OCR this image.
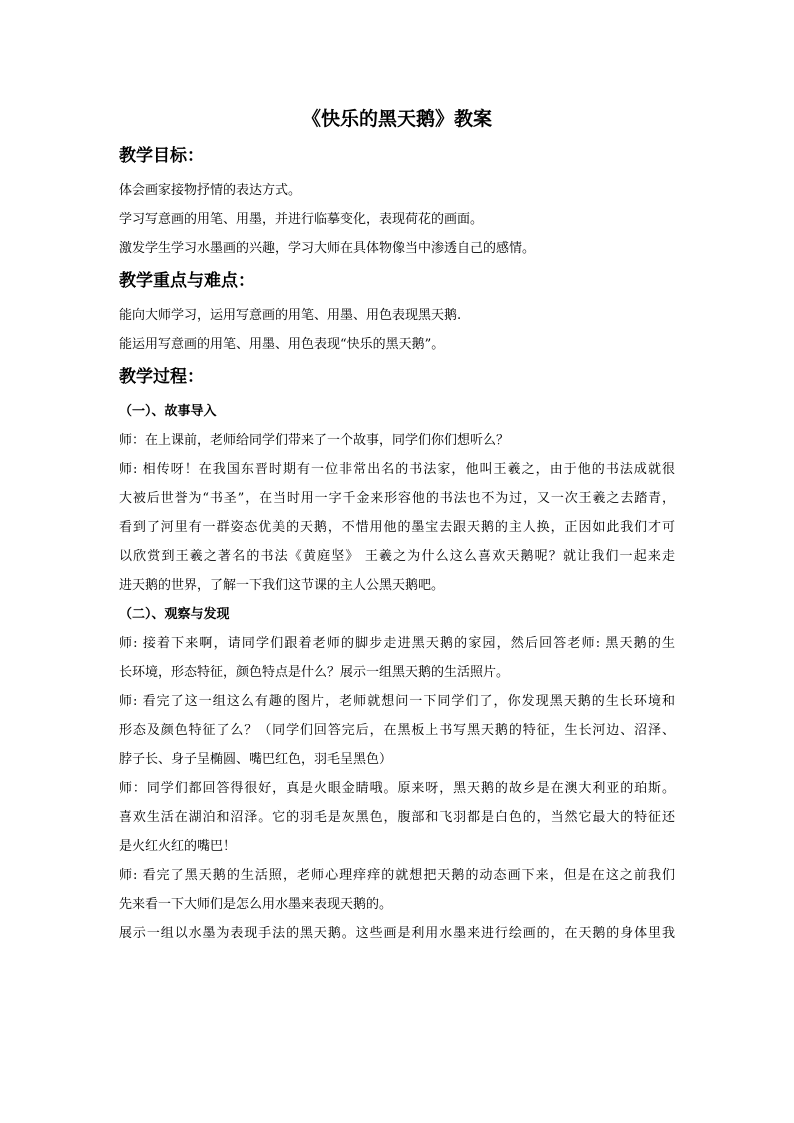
《快乐的黑天鹅》教案
教学目标：
体会画家接物抒情的表达方式。
学习写意画的用笔、用墨，并进行临摹变化，表现荷花的画面。
激发学生学习水墨画的兴趣，学习大师在具体物像当中渗透自己的感情。
教学重点与难点：
能向大师学习，运用写意画的用笔、用墨、用色表现黑天鹅.
能运用写意画的用笔、用墨、用色表现“快乐的黑天鹅”。
教学过程：
（一）、故事导入
师：在上课前，老师给同学们带来了一个故事，同学们你们想听么？
师: 相传呀！在我国东晋时期有一位非常出名的书法家，他叫王羲之，由于他的书法成就很
大被后世誉为“书圣”，在当时用一字千金来形容他的书法也不为过，又一次王羲之去踏青，
看到了河里有一群姿态优美的天鹅，不惜用他的墨宝去跟天鹅的主人换，正因如此我们才可
以欣赏到王羲之著名的书法《黄庭坚》 王羲之为什么这么喜欢天鹅呢？就让我们一起来走
进天鹅的世界，了解一下我们这节课的主人公黑天鹅吧。
（二）、观察与发现
师: 接着下来啊，请同学们跟着老师的脚步走进黑天鹅的家园，然后回答老师: 黑天鹅的生
长环境，形态特征，颜色特点是什么？展示一组黑天鹅的生活照片。
师: 看完了这一组这么有趣的图片，老师就想问一下同学们了，你发现黑天鹅的生长环境和
形态及颜色特征了么？（同学们回答完后，在黑板上书写黑天鹅的特征，生长河边、沼泽、
脖子长、身子呈椭圆、嘴巴红色，羽毛呈黑色）
师：同学们都回答得很好，真是火眼金睛哦。原来呀，黑天鹅的故乡是在澳大利亚的珀斯。
喜欢生活在湖泊和沼泽。它的羽毛是灰黑色，腹部和飞羽都是白色的，当然它最大的特征还
是火红火红的嘴巴！
师: 看完了黑天鹅的生活照，老师心理痒痒的就想把天鹅的动态画下来，但是在这之前我们
先来看一下大师们是怎么用水墨来表现天鹅的。
展示一组以水墨为表现手法的黑天鹅。这些画是利用水墨来进行绘画的，在天鹅的身体里我
